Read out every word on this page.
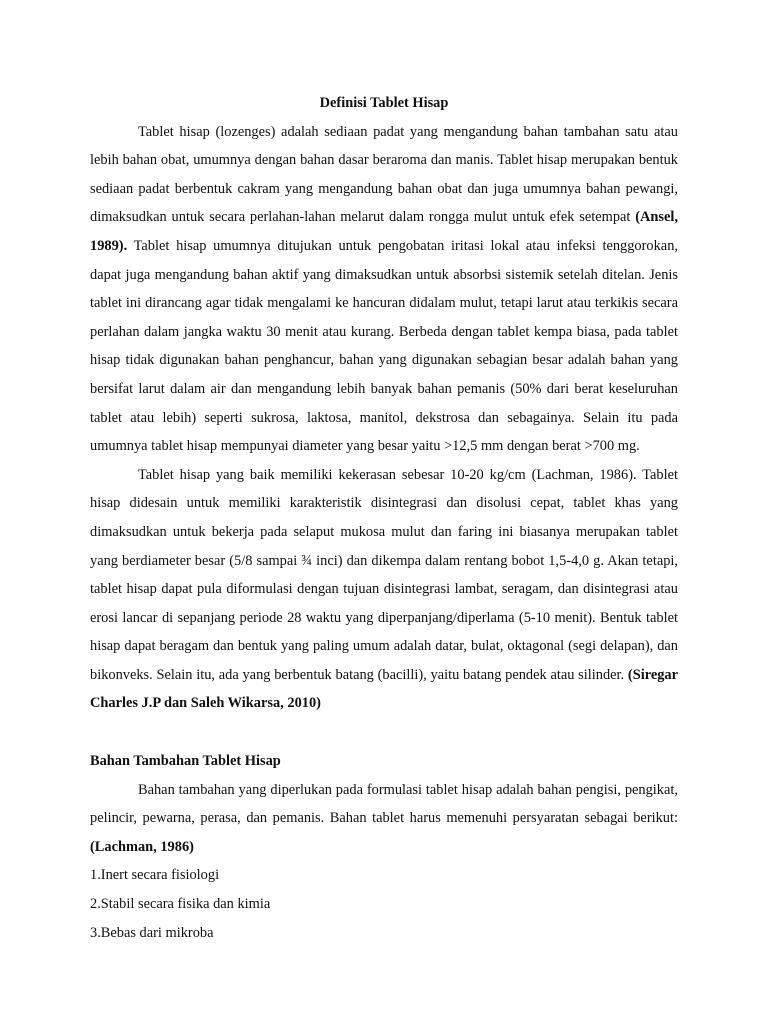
Definisi Tablet Hisap

Tablet hisap (lozenges) adalah sediaan padat yang mengandung bahan tambahan satu atau lebih bahan obat, umumnya dengan bahan dasar beraroma dan manis. Tablet hisap merupakan bentuk sediaan padat berbentuk cakram yang mengandung bahan obat dan juga umumnya bahan pewangi, dimaksudkan untuk secara perlahan-lahan melarut dalam rongga mulut untuk efek setempat (Ansel, 1989). Tablet hisap umumnya ditujukan untuk pengobatan iritasi lokal atau infeksi tenggorokan, dapat juga mengandung bahan aktif yang dimaksudkan untuk absorbsi sistemik setelah ditelan. Jenis tablet ini dirancang agar tidak mengalami ke hancuran didalam mulut, tetapi larut atau terkikis secara perlahan dalam jangka waktu 30 menit atau kurang. Berbeda dengan tablet kempa biasa, pada tablet hisap tidak digunakan bahan penghancur, bahan yang digunakan sebagian besar adalah bahan yang bersifat larut dalam air dan mengandung lebih banyak bahan pemanis (50% dari berat keseluruhan tablet atau lebih) seperti sukrosa, laktosa, manitol, dekstrosa dan sebagainya. Selain itu pada umumnya tablet hisap mempunyai diameter yang besar yaitu >12,5 mm dengan berat >700 mg.

Tablet hisap yang baik memiliki kekerasan sebesar 10-20 kg/cm (Lachman, 1986). Tablet hisap didesain untuk memiliki karakteristik disintegrasi dan disolusi cepat, tablet khas yang dimaksudkan untuk bekerja pada selaput mukosa mulut dan faring ini biasanya merupakan tablet yang berdiameter besar (5/8 sampai ¾ inci) dan dikempa dalam rentang bobot 1,5-4,0 g. Akan tetapi, tablet hisap dapat pula diformulasi dengan tujuan disintegrasi lambat, seragam, dan disintegrasi atau erosi lancar di sepanjang periode 28 waktu yang diperpanjang/diperlama (5-10 menit). Bentuk tablet hisap dapat beragam dan bentuk yang paling umum adalah datar, bulat, oktagonal (segi delapan), dan bikonveks. Selain itu, ada yang berbentuk batang (bacilli), yaitu batang pendek atau silinder. (Siregar Charles J.P dan Saleh Wikarsa, 2010)

Bahan Tambahan Tablet Hisap

Bahan tambahan yang diperlukan pada formulasi tablet hisap adalah bahan pengisi, pengikat, pelincir, pewarna, perasa, dan pemanis. Bahan tablet harus memenuhi persyaratan sebagai berikut: (Lachman, 1986)

1.Inert secara fisiologi
2.Stabil secara fisika dan kimia
3.Bebas dari mikroba
